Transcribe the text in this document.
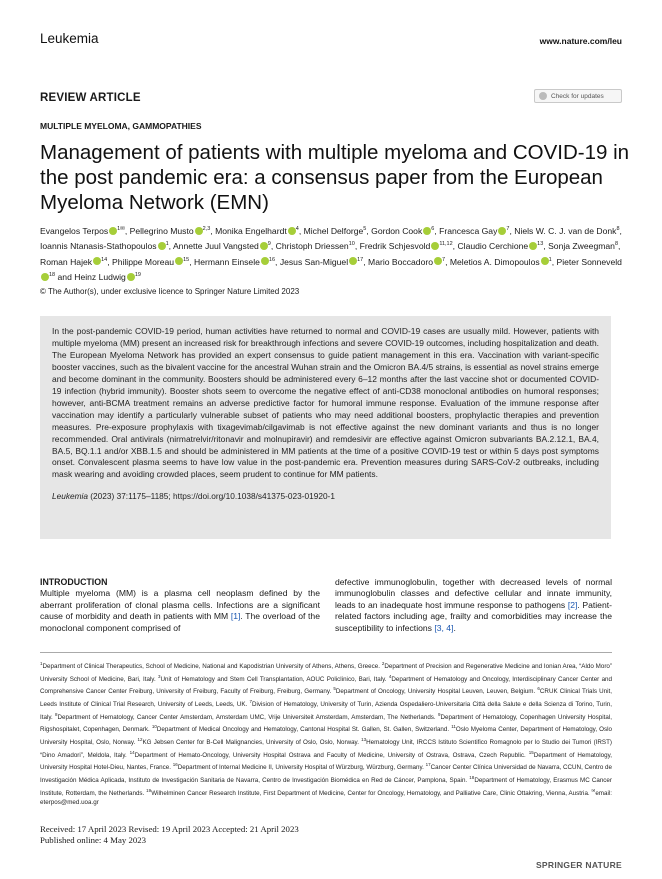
Leukemia	www.nature.com/leu
REVIEW ARTICLE	Check for updates
MULTIPLE MYELOMA, GAMMOPATHIES
Management of patients with multiple myeloma and COVID-19 in the post pandemic era: a consensus paper from the European Myeloma Network (EMN)
Evangelos Terpos $^{1✉}$, Pellegrino Musto $^{2,3}$, Monika Engelhardt $^4$, Michel Delforge$^5$, Gordon Cook $^6$, Francesca Gay $^7$, Niels W. C. J. van de Donk$^8$, Ioannis Ntanasis-Stathopoulos $^1$, Annette Juul Vangsted $^9$, Christoph Driessen$^{10}$, Fredrik Schjesvold $^{11,12}$, Claudio Cerchione $^{13}$, Sonja Zweegman$^8$, Roman Hajek $^{14}$, Philippe Moreau $^{15}$, Hermann Einsele $^{16}$, Jesus San-Miguel $^{17}$, Mario Boccadoro $^7$, Meletios A. Dimopoulos $^1$, Pieter Sonneveld$^{18}$ and Heinz Ludwig $^{19}$
© The Author(s), under exclusive licence to Springer Nature Limited 2023
In the post-pandemic COVID-19 period, human activities have returned to normal and COVID-19 cases are usually mild. However, patients with multiple myeloma (MM) present an increased risk for breakthrough infections and severe COVID-19 outcomes, including hospitalization and death. The European Myeloma Network has provided an expert consensus to guide patient management in this era. Vaccination with variant-specific booster vaccines, such as the bivalent vaccine for the ancestral Wuhan strain and the Omicron BA.4/5 strains, is essential as novel strains emerge and become dominant in the community. Boosters should be administered every 6–12 months after the last vaccine shot or documented COVID-19 infection (hybrid immunity). Booster shots seem to overcome the negative effect of anti-CD38 monoclonal antibodies on humoral responses; however, anti-BCMA treatment remains an adverse predictive factor for humoral immune response. Evaluation of the immune response after vaccination may identify a particularly vulnerable subset of patients who may need additional boosters, prophylactic therapies and prevention measures. Pre-exposure prophylaxis with tixagevimab/cilgavimab is not effective against the new dominant variants and thus is no longer recommended. Oral antivirals (nirmatrelvir/ritonavir and molnupiravir) and remdesivir are effective against Omicron subvariants BA.2.12.1, BA.4, BA.5, BQ.1.1 and/or XBB.1.5 and should be administered in MM patients at the time of a positive COVID-19 test or within 5 days post symptoms onset. Convalescent plasma seems to have low value in the post-pandemic era. Prevention measures during SARS-CoV-2 outbreaks, including mask wearing and avoiding crowded places, seem prudent to continue for MM patients.
Leukemia (2023) 37:1175–1185; https://doi.org/10.1038/s41375-023-01920-1
INTRODUCTION
Multiple myeloma (MM) is a plasma cell neoplasm defined by the aberrant proliferation of clonal plasma cells. Infections are a significant cause of morbidity and death in patients with MM [1]. The overload of the monoclonal component comprised of
defective immunoglobulin, together with decreased levels of normal immunoglobulin classes and defective cellular and innate immunity, leads to an inadequate host immune response to pathogens [2]. Patient-related factors including age, frailty and comorbidities may increase the susceptibility to infections [3, 4].
$^1$Department of Clinical Therapeutics, School of Medicine, National and Kapodistrian University of Athens, Athens, Greece. $^2$Department of Precision and Regenerative Medicine and Ionian Area, “Aldo Moro” University School of Medicine, Bari, Italy. $^3$Unit of Hematology and Stem Cell Transplantation, AOUC Policlinico, Bari, Italy. $^4$Department of Hematology and Oncology, Interdisciplinary Cancer Center and Comprehensive Cancer Center Freiburg, University of Freiburg, Faculty of Freiburg, Freiburg, Germany. $^5$Department of Oncology, University Hospital Leuven, Leuven, Belgium. $^6$CRUK Clinical Trials Unit, Leeds Institute of Clinical Trial Research, University of Leeds, Leeds, UK. $^7$Division of Hematology, University of Turin, Azienda Ospedaliero-Universitaria Città della Salute e della Scienza di Torino, Turin, Italy. $^8$Department of Hematology, Cancer Center Amsterdam, Amsterdam UMC, Vrije Universiteit Amsterdam, Amsterdam, The Netherlands. $^9$Department of Hematology, Copenhagen University Hospital, Rigshospitalet, Copenhagen, Denmark. $^{10}$Department of Medical Oncology and Hematology, Cantonal Hospital St. Gallen, St. Gallen, Switzerland. $^{11}$Oslo Myeloma Center, Department of Hematology, Oslo University Hospital, Oslo, Norway. $^{12}$KG Jebsen Center for B-Cell Malignancies, University of Oslo, Oslo, Norway. $^{13}$Hematology Unit, IRCCS Istituto Scientifico Romagnolo per lo Studio dei Tumori (IRST) “Dino Amadori”, Meldola, Italy. $^{14}$Department of Hemato-Oncology, University Hospital Ostrava and Faculty of Medicine, University of Ostrava, Ostrava, Czech Republic. $^{15}$Department of Hematology, University Hospital Hotel-Dieu, Nantes, France. $^{16}$Department of Internal Medicine II, University Hospital of Würzburg, Würzburg, Germany. $^{17}$Cancer Center Clínica Universidad de Navarra, CCUN, Centro de Investigación Médica Aplicada, Instituto de Investigación Sanitaria de Navarra, Centro de Investigación Biomédica en Red de Cáncer, Pamplona, Spain. $^{18}$Department of Hematology, Erasmus MC Cancer Institute, Rotterdam, the Netherlands. $^{19}$Wilhelminen Cancer Research Institute, First Department of Medicine, Center for Oncology, Hematology, and Palliative Care, Clinic Ottakring, Vienna, Austria. ✉email: eterpos@med.uoa.gr
Received: 17 April 2023 Revised: 19 April 2023 Accepted: 21 April 2023
Published online: 4 May 2023
SPRINGER NATURE
